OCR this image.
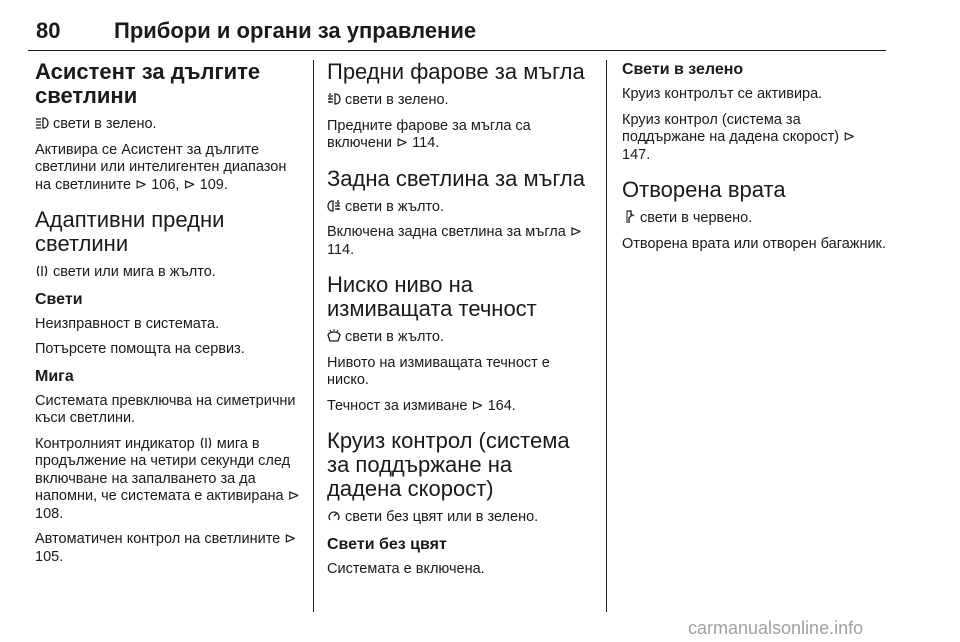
80 Прибори и органи за управление
Асистент за дългите светлини

свети в зелено.

Активира се Асистент за дългите светлини или интелигентен диапазон на светлините ⊳ 106, ⊳ 109.

Адаптивни предни светлини

свети или мига в жълто.

Свети

Неизправност в системата.

Потърсете помощта на сервиз.

Мига

Системата превключва на симетрични къси светлини.

Контролният индикатор мига в продължение на четири секунди след включване на запалването за да напомни, че системата е активирана ⊳ 108.

Автоматичен контрол на светлините ⊳ 105.

Предни фарове за мъгла

свети в зелено.

Предните фарове за мъгла са включени ⊳ 114.

Задна светлина за мъгла

свети в жълто.

Включена задна светлина за мъгла ⊳ 114.

Ниско ниво на измиващата течност

свети в жълто.

Нивото на измиващата течност е ниско.

Течност за измиване ⊳ 164.

Круиз контрол (система за поддържане на дадена скорост)

свети без цвят или в зелено.

Свети без цвят

Системата е включена.

Свети в зелено

Круиз контролът се активира.

Круиз контрол (система за поддържане на дадена скорост) ⊳ 147.

Отворена врата

свети в червено.

Отворена врата или отворен багажник.

carmanualsonline.info
